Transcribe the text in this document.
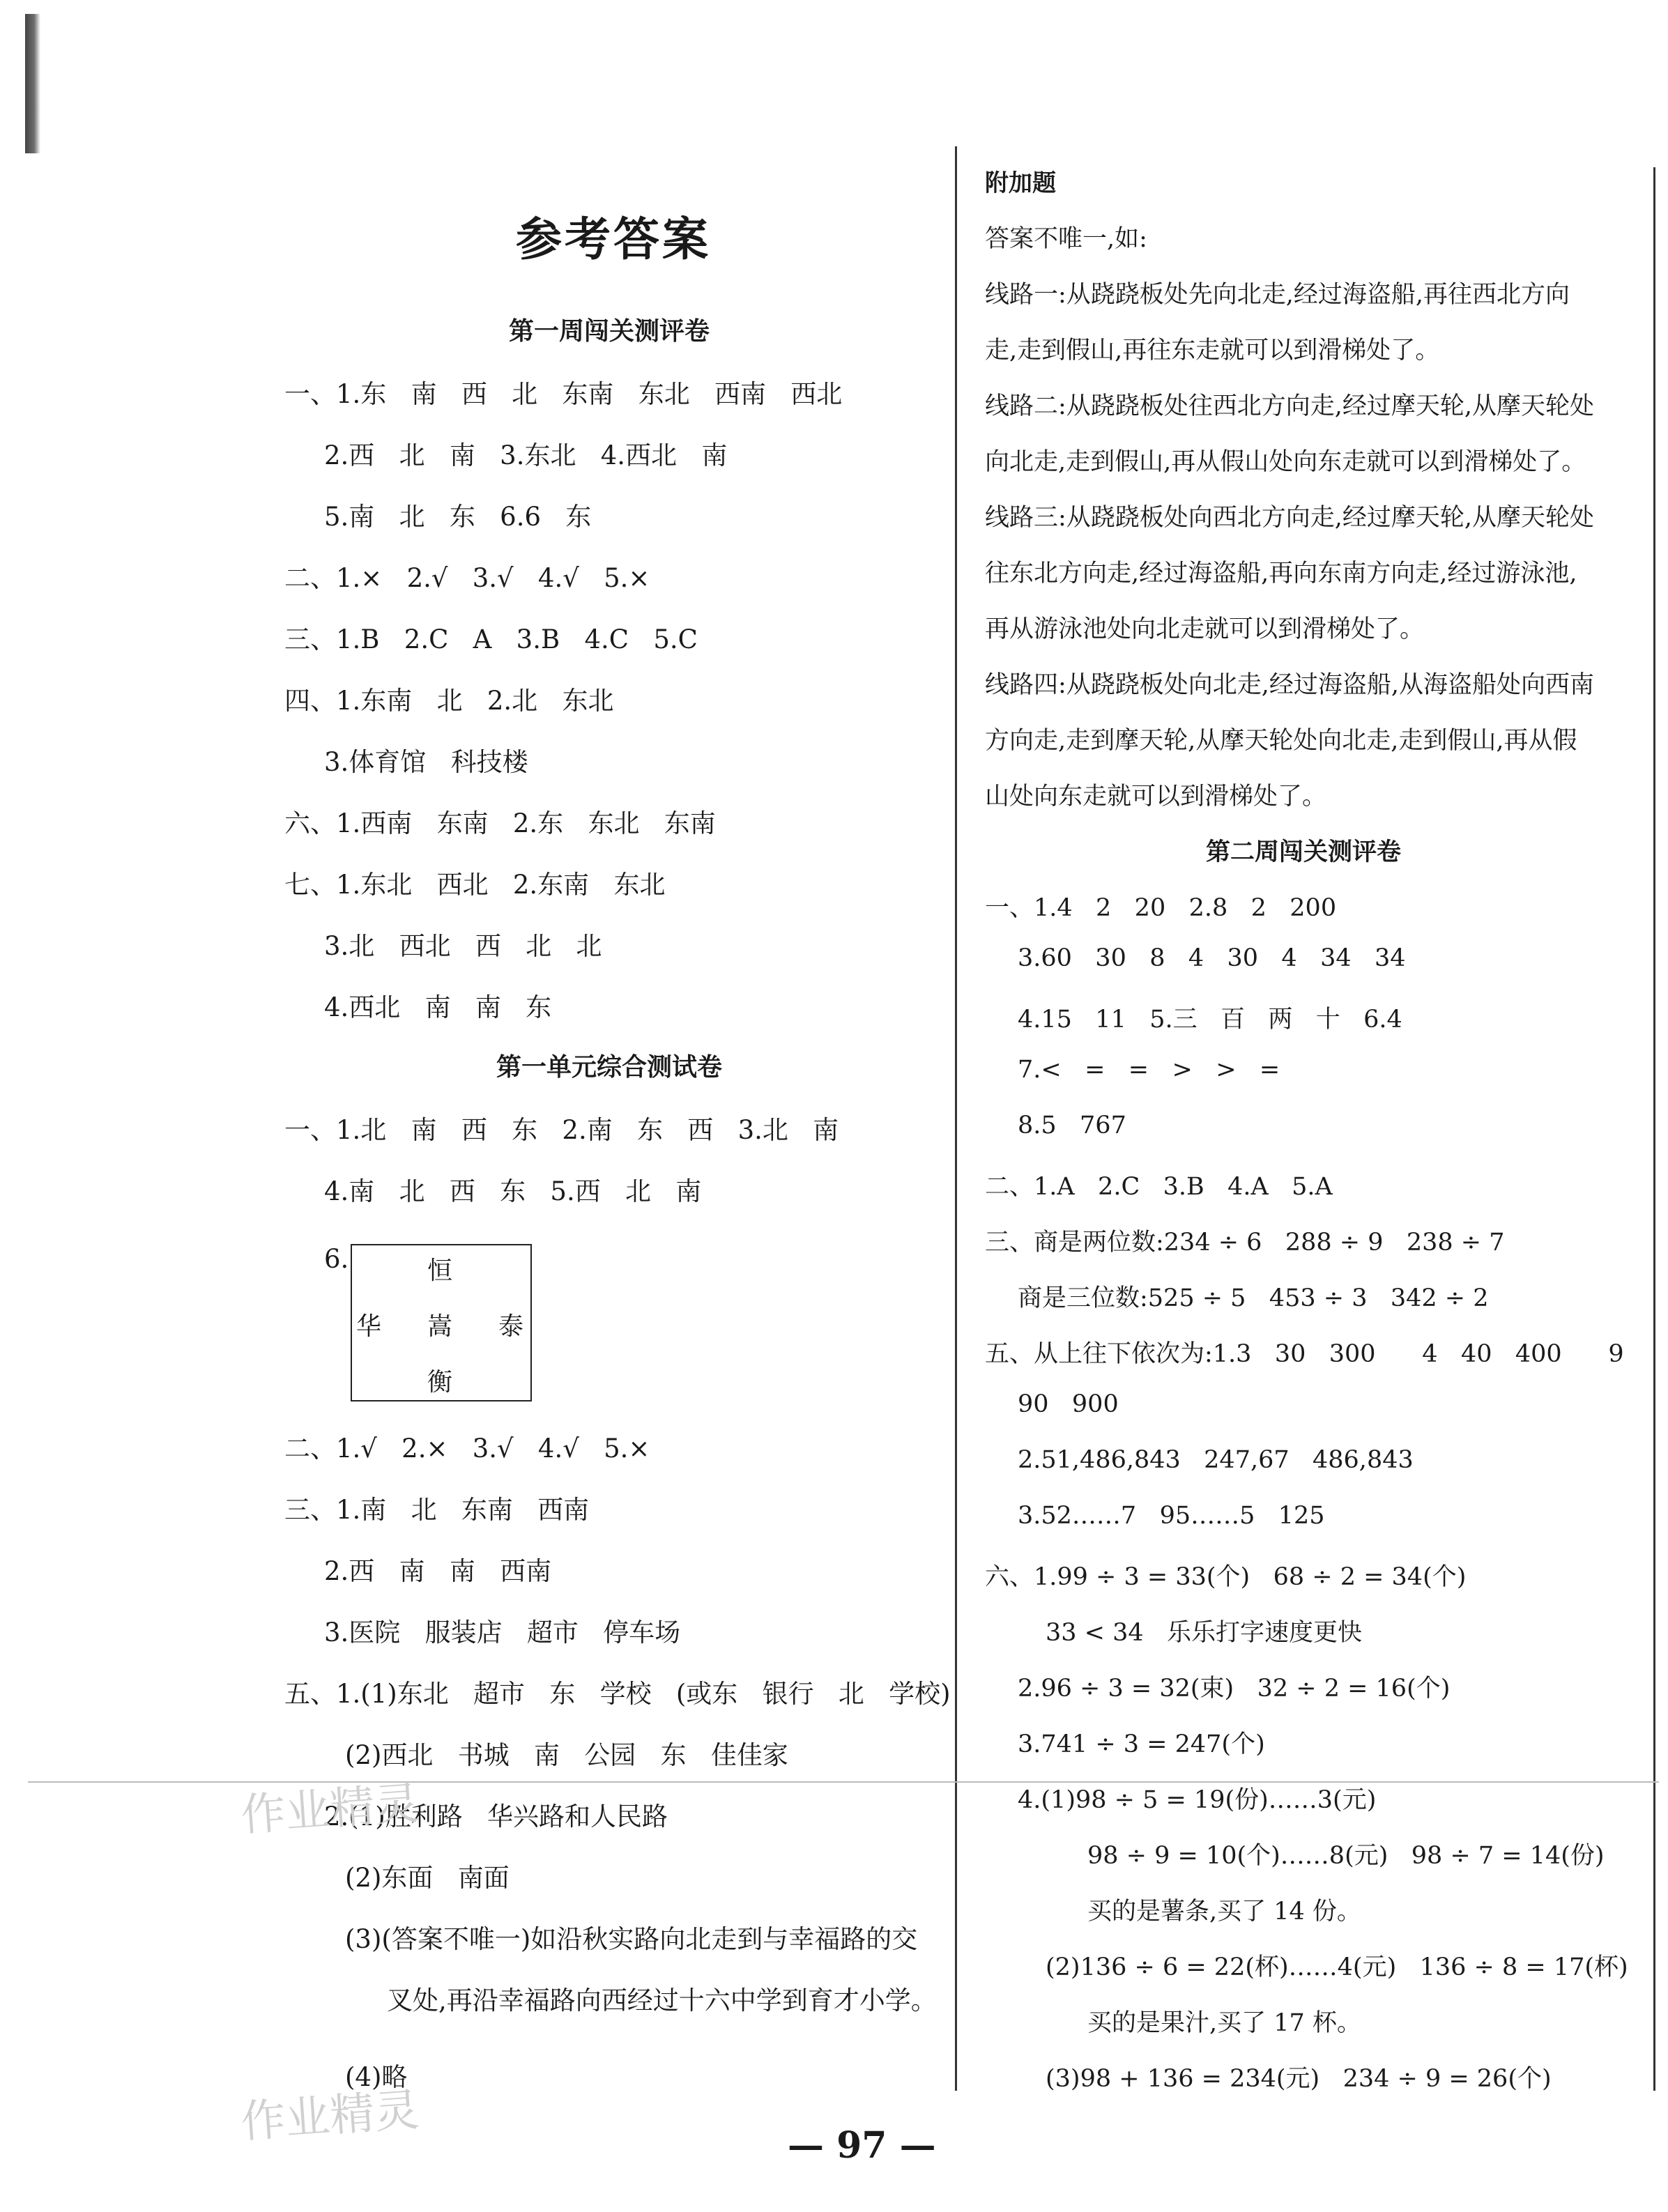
参考答案
第一周闯关测评卷
一、1.东   南   西   北   东南   东北   西南   西北
2.西   北   南   3.东北   4.西北   南
5.南   北   东   6.6   东
二、1.×   2.√   3.√   4.√   5.×
三、1.B   2.C   A   3.B   4.C   5.C
四、1.东南   北   2.北   东北
3.体育馆   科技楼
六、1.西南   东南   2.东   东北   东南
七、1.东北   西北   2.东南   东北
3.北   西北   西   北   北
4.西北   南   南   东
第一单元综合测试卷
一、1.北   南   西   东   2.南   东   西   3.北   南
4.南   北   西   东   5.西   北   南
6.	恒
华 嵩 泰
衡
二、1.√   2.×   3.√   4.√   5.×
三、1.南   北   东南   西南
2.西   南   南   西南
3.医院   服装店   超市   停车场
五、1.(1)东北   超市   东   学校   (或东   银行   北   学校)
(2)西北   书城   南   公园   东   佳佳家
2.(1)胜利路   华兴路和人民路
(2)东面   南面
(3)(答案不唯一)如沿秋实路向北走到与幸福路的交
叉处,再沿幸福路向西经过十六中学到育才小学。
(4)略
附加题
答案不唯一,如:
线路一:从跷跷板处先向北走,经过海盗船,再往西北方向
走,走到假山,再往东走就可以到滑梯处了。
线路二:从跷跷板处往西北方向走,经过摩天轮,从摩天轮处
向北走,走到假山,再从假山处向东走就可以到滑梯处了。
线路三:从跷跷板处向西北方向走,经过摩天轮,从摩天轮处
往东北方向走,经过海盗船,再向东南方向走,经过游泳池,
再从游泳池处向北走就可以到滑梯处了。
线路四:从跷跷板处向北走,经过海盗船,从海盗船处向西南
方向走,走到摩天轮,从摩天轮处向北走,走到假山,再从假
山处向东走就可以到滑梯处了。
第二周闯关测评卷
一、1.4   2   20   2.8   2   200
3.60   30   8   4   30   4   34   34
4.15   11   5.三   百   两   十   6.4
7.<   =   =   >   >   =
8.5   767
二、1.A   2.C   3.B   4.A   5.A
三、商是两位数:234 ÷ 6   288 ÷ 9   238 ÷ 7
商是三位数:525 ÷ 5   453 ÷ 3   342 ÷ 2
五、从上往下依次为:1.3   30   300      4   40   400      9
90   900
2.51,486,843   247,67   486,843
3.52……7   95……5   125
六、1.99 ÷ 3 = 33(个)   68 ÷ 2 = 34(个)
33 < 34   乐乐打字速度更快
2.96 ÷ 3 = 32(束)   32 ÷ 2 = 16(个)
3.741 ÷ 3 = 247(个)
4.(1)98 ÷ 5 = 19(份)……3(元)
98 ÷ 9 = 10(个)……8(元)   98 ÷ 7 = 14(份)
买的是薯条,买了 14 份。
(2)136 ÷ 6 = 22(杯)……4(元)   136 ÷ 8 = 17(杯)
买的是果汁,买了 17 杯。
(3)98 + 136 = 234(元)   234 ÷ 9 = 26(个)
作业精灵
作业精灵	— 97 —
